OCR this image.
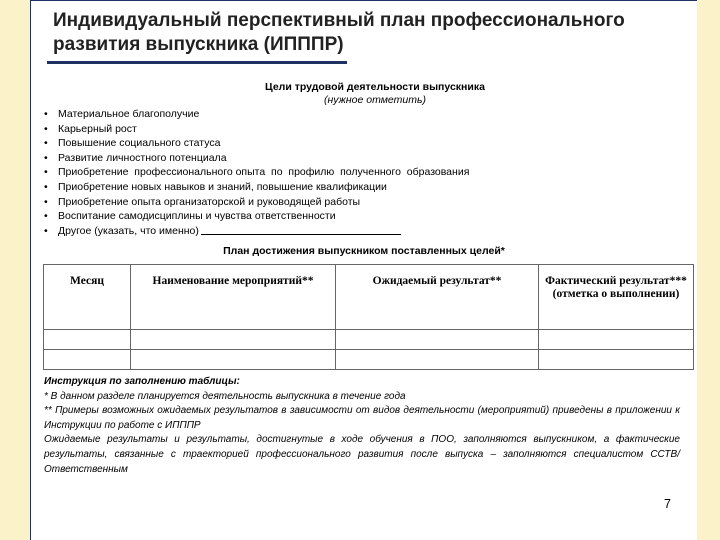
Индивидуальный перспективный план профессионального развития выпускника (ИПППР)
Цели трудовой деятельности выпускника
(нужное отметить)
• Материальное благополучие
• Карьерный рост
• Повышение социального статуса
• Развитие личностного потенциала
• Приобретение  профессионального опыта  по  профилю  полученного  образования
• Приобретение новых навыков и знаний, повышение квалификации
• Приобретение опыта организаторской и руководящей работы
• Воспитание самодисциплины и чувства ответственности
• Другое (указать, что именно)
План достижения выпускником поставленных целей*
Месяц	Наименование мероприятий**	Ожидаемый результат**	Фактический результат*** (отметка о выполнении)

Инструкция по заполнению таблицы:

* В данном разделе планируется деятельность выпускника в течение года

** Примеры возможных ожидаемых результатов в зависимости от видов деятельности (мероприятий) приведены в приложении к Инструкции по работе с ИПППР

Ожидаемые результаты и результаты, достигнутые в ходе обучения в ПОО, заполняются выпускником, а фактические результаты, связанные с траекторией профессионального развития после выпуска – заполняются специалистом ССТВ/Ответственным

7
